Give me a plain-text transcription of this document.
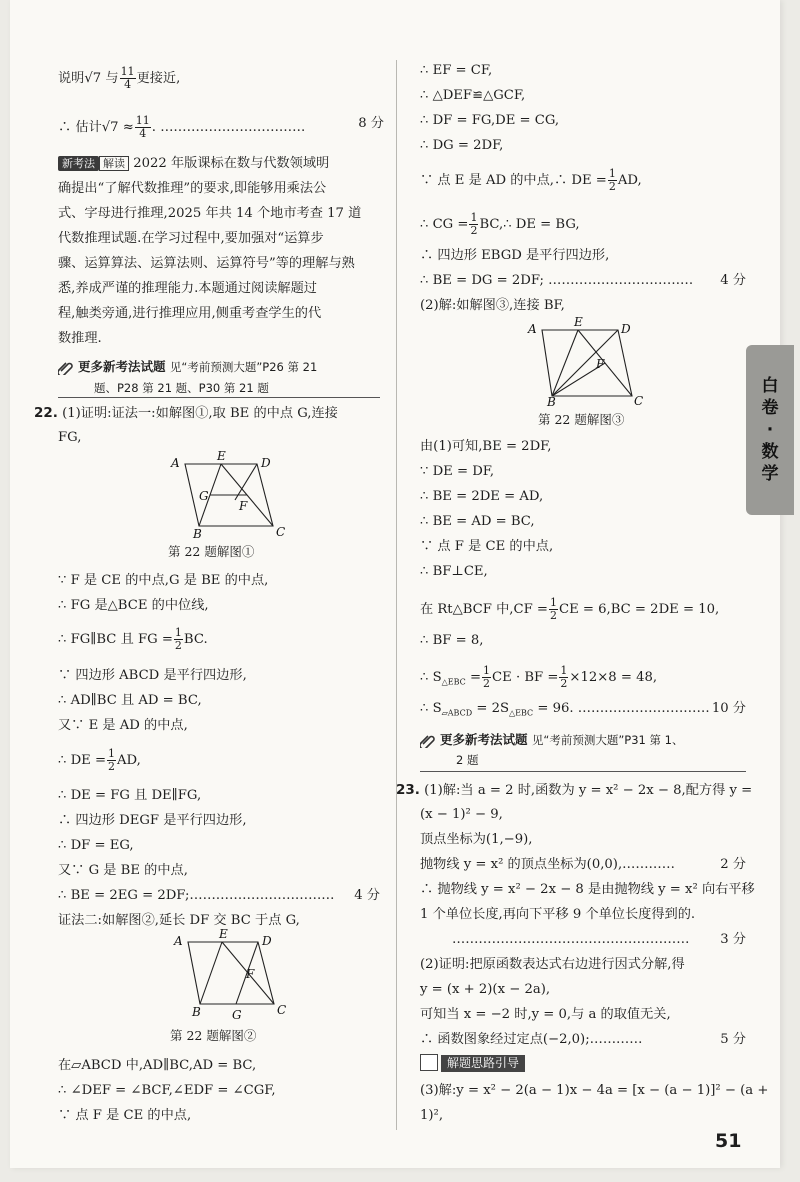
说明√7 与 $\frac{11}{4}$ 更接近,
∴ 估计$√7 \approx \frac{11}{4}$ . ……………………………	8 分
新考法 解读 2022 年版课标在数与代数领域明
确提出“了解代数推理”的要求,即能够用乘法公
式、字母进行推理,2025 年共 14 个地市考查 17 道
代数推理试题.在学习过程中,要加强对“运算步
骤、运算算法、运算法则、运算符号”等的理解与熟
悉,养成严谨的推理能力.本题通过阅读解题过
程,触类旁通,进行推理应用,侧重考查学生的代
数推理.
更多新考法试题 见“考前预测大题”P26 第 21
题、P28 第 21 题、P30 第 21 题
22. (1)证明:证法一:如解图①,取 BE 的中点 G,连接
FG,
A	E	D
G
F
B	C
第 22 题解图①
∵ F 是 CE 的中点,G 是 BE 的中点,
∴ FG 是△BCE 的中位线,
∴ FG∥BC 且 FG = $\frac{1}{2}$ BC.
∵ 四边形 ABCD 是平行四边形,
∴ AD∥BC 且 AD = BC,
又∵ E 是 AD 的中点,
∴ DE = $\frac{1}{2}$ AD,
∴ DE = FG 且 DE∥FG,
∴ 四边形 DEGF 是平行四边形,
∴ DF = EG,
又∵ G 是 BE 的中点,
∴ BE = 2EG = 2DF;…………………………… 4 分
证法二:如解图②,延长 DF 交 BC 于点 G,
A	E	D
F
B	G	C
第 22 题解图②
在▱ABCD 中,AD∥BC,AD = BC,
∴ ∠DEF = ∠BCF,∠EDF = ∠CGF,
∵ 点 F 是 CE 的中点,
∴ EF = CF,
∴ △DEF≌△GCF,
∴ DF = FG,DE = CG,
∴ DG = 2DF,
∵ 点 E 是 AD 的中点,∴ DE = $\frac{1}{2}$ AD,
∴ CG = $\frac{1}{2}$ BC,∴ DE = BG,
∴ 四边形 EBGD 是平行四边形,
∴ BE = DG = 2DF; …………………………… 4 分
(2)解:如解图③,连接 BF,
A	E	D
F
B	C
第 22 题解图③
由(1)可知,BE = 2DF,
∵ DE = DF,
∴ BE = 2DE = AD,
∴ BE = AD = BC,
∵ 点 F 是 CE 的中点,
∴ BF⊥CE,
在 Rt△BCF 中$,CF = \frac{1}{2}$ CE = 6,BC = 2DE = 10,
∴ BF = 8,
∴ $S_{\triangle EBC} = \frac{1}{2}$ CE · BF = $\frac{1}{2} \times 12\times 8 = 48$,
∴ $S_{▱ABCD} = 2S_{\triangle EBC} = 96$. ………………………… 10 分
更多新考法试题 见“考前预测大题”P31 第 1、
2 题
23. (1)解:当 a = 2 时,函数为 y = x² − 2x − 8,配方得 y =
(x − 1)² − 9,
顶点坐标为(1,−9),
抛物线 y = x² 的顶点坐标为(0,0),…………	2 分
∴ 抛物线 y = x² − 2x − 8 是由抛物线 y = x² 向右平移
1 个单位长度,再向下平移 9 个单位长度得到的.
……………………………………………… 3 分
(2)证明:把原函数表达式右边进行因式分解,得
y = (x + 2)(x − 2a),
可知当 x = −2 时,y = 0,与 a 的取值无关,
∴ 函数图象经过定点(−2,0);…………	5 分
解题思路引导
(3)解:y = x² − 2(a − 1)x − 4a = [x − (a − 1)]² − (a +
1)²,
51
白卷·数学
